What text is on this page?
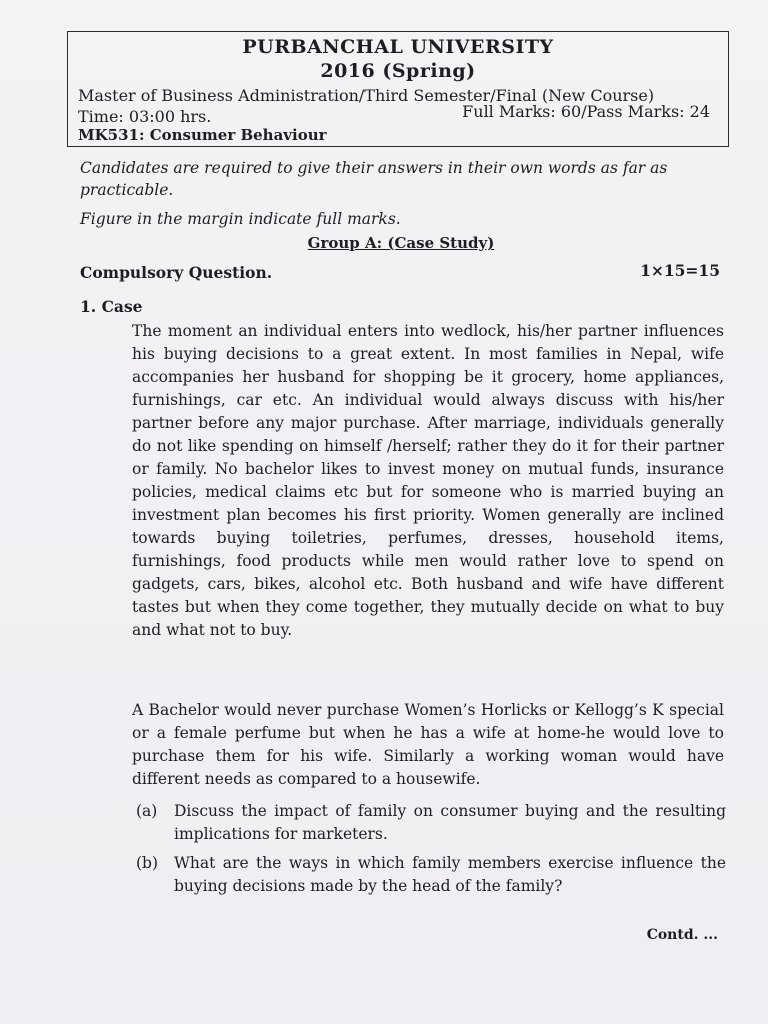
PURBANCHAL UNIVERSITY
2016 (Spring)
Master of Business Administration/Third Semester/Final (New Course)
Time: 03:00 hrs.	Full Marks: 60/Pass Marks: 24
MK531: Consumer Behaviour
Candidates are required to give their answers in their own words as far as practicable.
Figure in the margin indicate full marks.
Group A: (Case Study)
Compulsory Question.	1×15=15
1. Case

The moment an individual enters into wedlock, his/her partner influences his buying decisions to a great extent. In most families in Nepal, wife accompanies her husband for shopping be it grocery, home appliances, furnishings, car etc. An individual would always discuss with his/her partner before any major purchase. After marriage, individuals generally do not like spending on himself /herself; rather they do it for their partner or family. No bachelor likes to invest money on mutual funds, insurance policies, medical claims etc but for someone who is married buying an investment plan becomes his first priority. Women generally are inclined towards buying toiletries, perfumes, dresses, household items, furnishings, food products while men would rather love to spend on gadgets, cars, bikes, alcohol etc. Both husband and wife have different tastes but when they come together, they mutually decide on what to buy and what not to buy.

A Bachelor would never purchase Women’s Horlicks or Kellogg’s K special or a female perfume but when he has a wife at home-he would love to purchase them for his wife. Similarly a working woman would have different needs as compared to a housewife.

(a) Discuss the impact of family on consumer buying and the resulting implications for marketers.
(b) What are the ways in which family members exercise influence the buying decisions made by the head of the family?
Contd. ...
